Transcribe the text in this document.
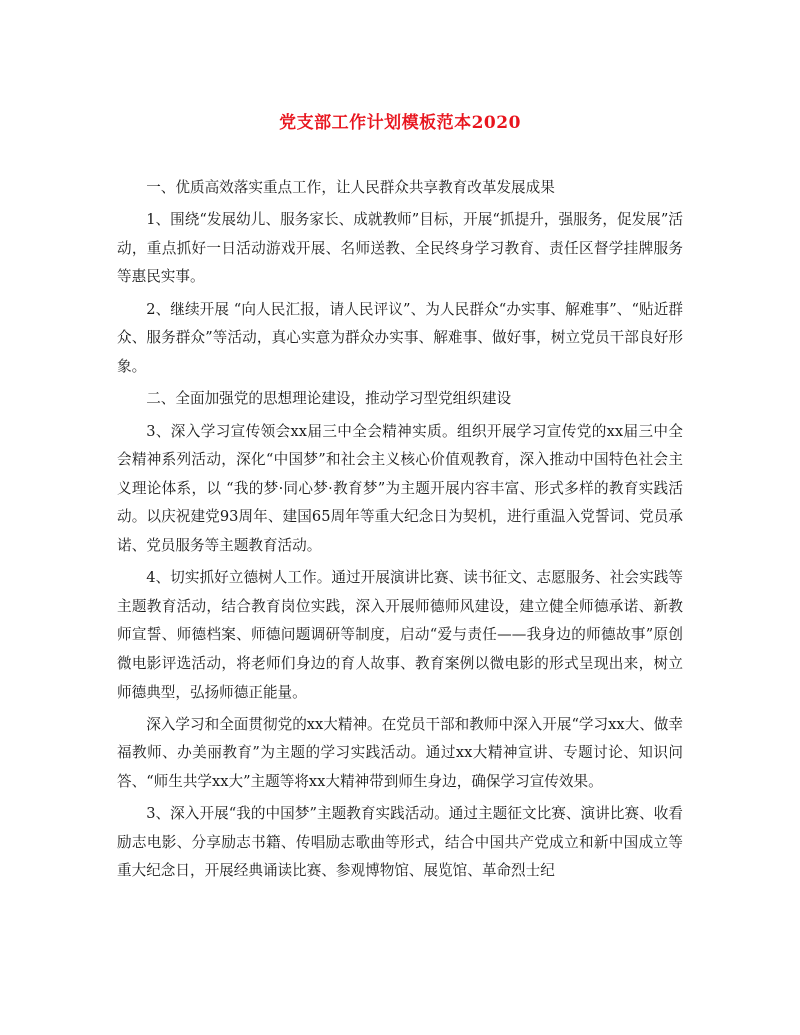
党支部工作计划模板范本2020

一、优质高效落实重点工作，让人民群众共享教育改革发展成果

1、围绕“发展幼儿、服务家长、成就教师”目标，开展“抓提升，强服务，促发展”活动，重点抓好一日活动游戏开展、名师送教、全民终身学习教育、责任区督学挂牌服务等惠民实事。

2、继续开展 “向人民汇报，请人民评议”、为人民群众“办实事、解难事”、“贴近群众、服务群众”等活动，真心实意为群众办实事、解难事、做好事，树立党员干部良好形象。

二、全面加强党的思想理论建设，推动学习型党组织建设

3、深入学习宣传领会xx届三中全会精神实质。组织开展学习宣传党的xx届三中全会精神系列活动，深化“中国梦”和社会主义核心价值观教育，深入推动中国特色社会主义理论体系，以 “我的梦·同心梦·教育梦”为主题开展内容丰富、形式多样的教育实践活动。以庆祝建党93周年、建国65周年等重大纪念日为契机，进行重温入党誓词、党员承诺、党员服务等主题教育活动。

4、切实抓好立德树人工作。通过开展演讲比赛、读书征文、志愿服务、社会实践等主题教育活动，结合教育岗位实践，深入开展师德师风建设，建立健全师德承诺、新教师宣誓、师德档案、师德问题调研等制度，启动“爱与责任——我身边的师德故事”原创微电影评选活动，将老师们身边的育人故事、教育案例以微电影的形式呈现出来，树立师德典型，弘扬师德正能量。

深入学习和全面贯彻党的xx大精神。在党员干部和教师中深入开展“学习xx大、做幸福教师、办美丽教育”为主题的学习实践活动。通过xx大精神宣讲、专题讨论、知识问答、“师生共学xx大”主题等将xx大精神带到师生身边，确保学习宣传效果。

3、深入开展“我的中国梦”主题教育实践活动。通过主题征文比赛、演讲比赛、收看励志电影、分享励志书籍、传唱励志歌曲等形式，结合中国共产党成立和新中国成立等重大纪念日，开展经典诵读比赛、参观博物馆、展览馆、革命烈士纪
